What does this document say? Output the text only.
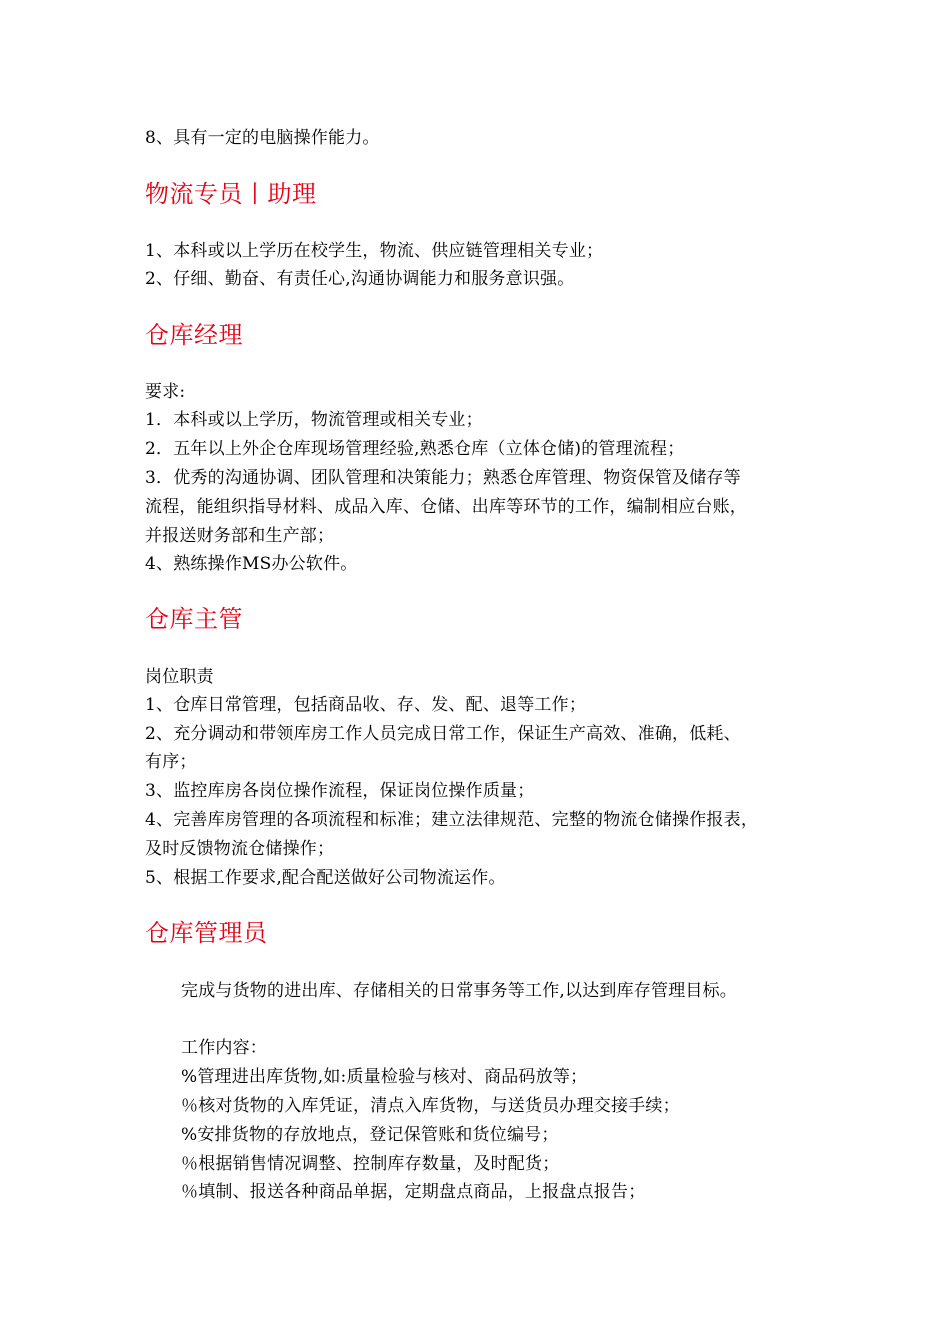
8、具有一定的电脑操作能力。
物流专员丨助理
1、本科或以上学历在校学生，物流、供应链管理相关专业；
2、仔细、勤奋、有责任心,沟通协调能力和服务意识强。
仓库经理
要求:
1．本科或以上学历，物流管理或相关专业；
2．五年以上外企仓库现场管理经验,熟悉仓库（立体仓储)的管理流程；
3．优秀的沟通协调、团队管理和决策能力；熟悉仓库管理、物资保管及储存等
流程，能组织指导材料、成品入库、仓储、出库等环节的工作，编制相应台账，
并报送财务部和生产部；
4、熟练操作MS办公软件。
仓库主管
岗位职责
1、仓库日常管理，包括商品收、存、发、配、退等工作；
2、充分调动和带领库房工作人员完成日常工作，保证生产高效、准确，低耗、
有序；
3、监控库房各岗位操作流程，保证岗位操作质量；
4、完善库房管理的各项流程和标准；建立法律规范、完整的物流仓储操作报表，
及时反馈物流仓储操作；
5、根据工作要求,配合配送做好公司物流运作。
仓库管理员
完成与货物的进出库、存储相关的日常事务等工作,以达到库存管理目标。
工作内容：
%管理进出库货物,如:质量检验与核对、商品码放等；
％核对货物的入库凭证，清点入库货物，与送货员办理交接手续；
%安排货物的存放地点，登记保管账和货位编号；
％根据销售情况调整、控制库存数量，及时配货；
％填制、报送各种商品单据，定期盘点商品，上报盘点报告；
